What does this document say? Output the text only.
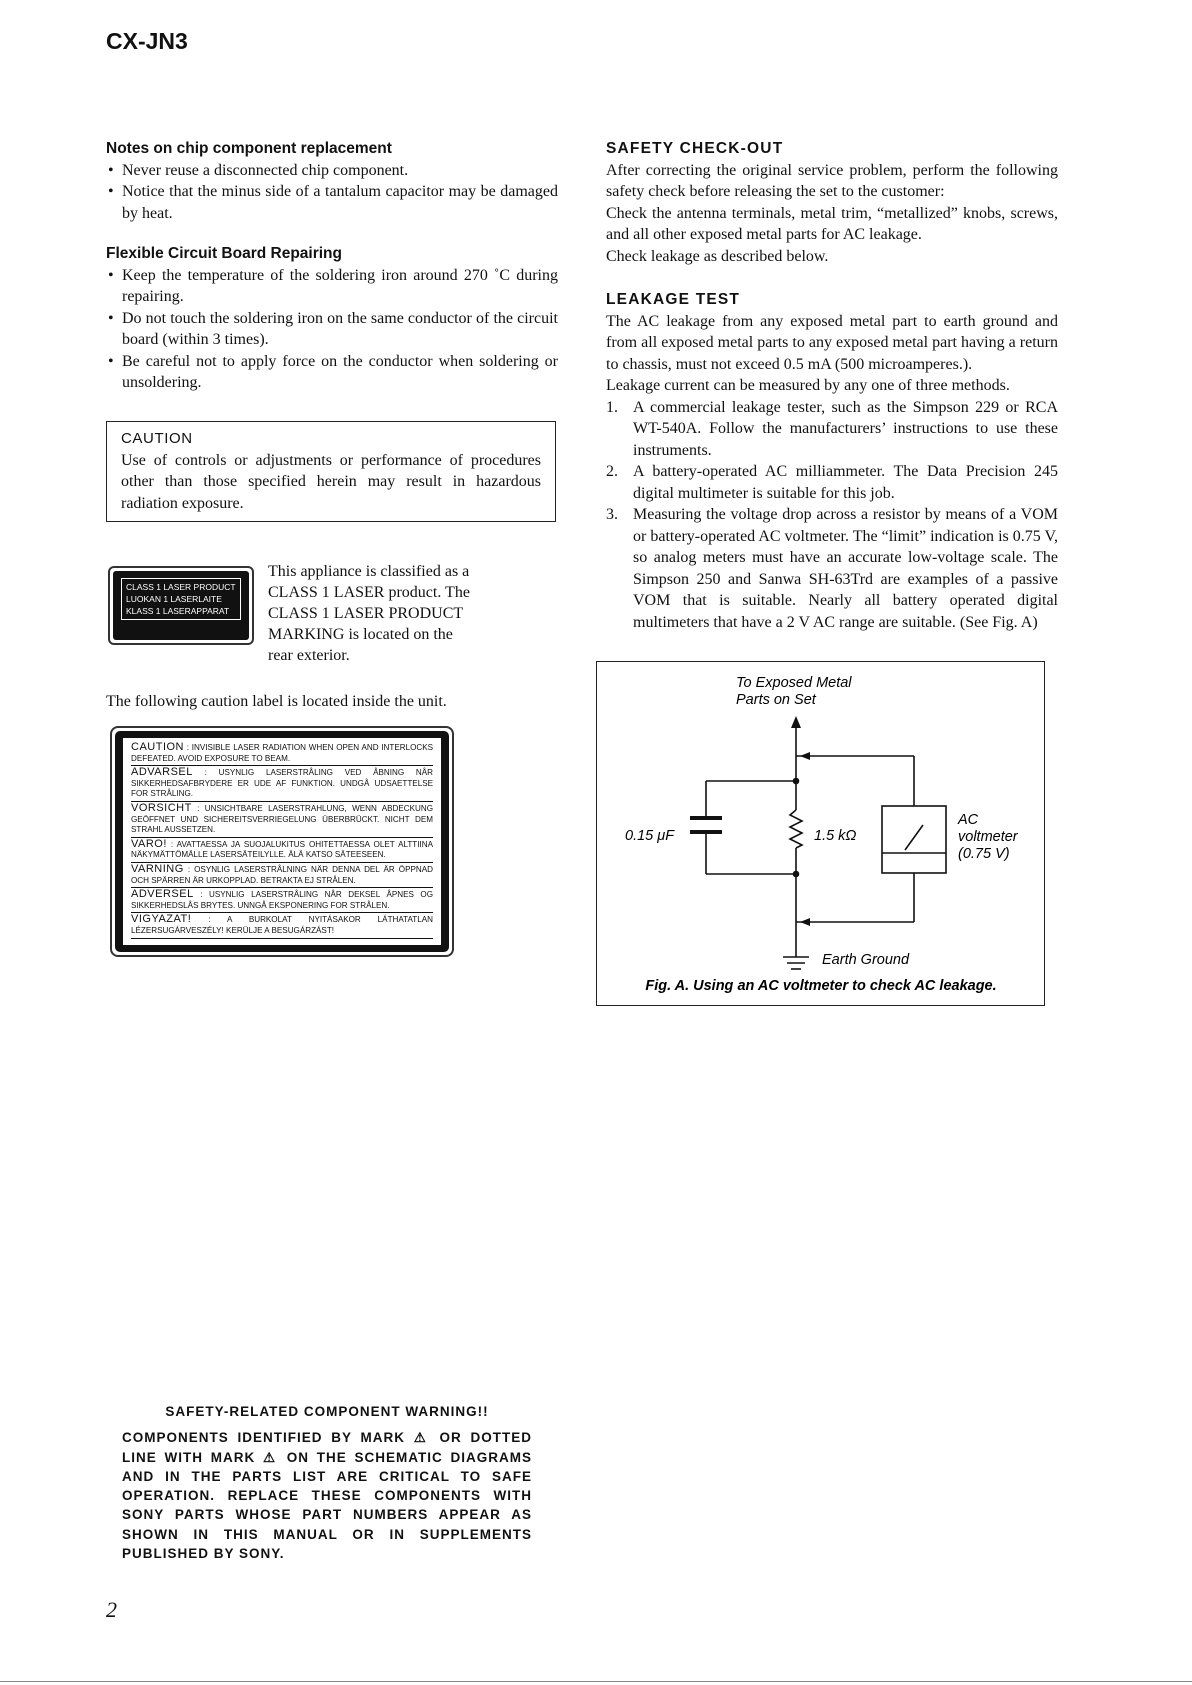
CX-JN3
Notes on chip component replacement
• Never reuse a disconnected chip component.
• Notice that the minus side of a tantalum capacitor may be damaged by heat.
Flexible Circuit Board Repairing
• Keep the temperature of the soldering iron around 270 ˚C during repairing.
• Do not touch the soldering iron on the same conductor of the circuit board (within 3 times).
• Be careful not to apply force on the conductor when soldering or unsoldering.
CAUTION

Use of controls or adjustments or performance of procedures other than those specified herein may result in hazardous radiation exposure.

CLASS 1 LASER PRODUCT
LUOKAN 1 LASERLAITE
KLASS 1 LASERAPPARAT
This appliance is classified as a CLASS 1 LASER product. The CLASS 1 LASER PRODUCT MARKING is located on the rear exterior.
The following caution label is located inside the unit.
CAUTION : INVISIBLE LASER RADIATION WHEN OPEN AND INTERLOCKS DEFEATED. AVOID EXPOSURE TO BEAM.
ADVARSEL : USYNLIG LASERSTRÅLING VED ÅBNING NÅR SIKKERHEDSAFBRYDERE ER UDE AF FUNKTION. UNDGÅ UDSAETTELSE FOR STRÅLING.
VORSICHT : UNSICHTBARE LASERSTRAHLUNG, WENN ABDECKUNG GEÖFFNET UND SICHEREITSVERRIEGELUNG ÜBERBRÜCKT. NICHT DEM STRAHL AUSSETZEN.
VARO! : AVATTAESSA JA SUOJALUKITUS OHITETTAESSA OLET ALTTIINA NÄKYMÄTTÖMÄLLE LASERSÄTEILYLLE. ÄLÄ KATSO SÄTEESEEN.
VARNING : OSYNLIG LASERSTRÅLNING NÄR DENNA DEL ÄR ÖPPNAD OCH SPÄRREN ÄR URKOPPLAD. BETRAKTA EJ STRÅLEN.
ADVERSEL : USYNLIG LASERSTRÅLING NÅR DEKSEL ÅPNES OG SIKKERHEDSLÅS BRYTES. UNNGÅ EKSPONERING FOR STRÅLEN.
VIGYAZAT! : A BURKOLAT NYITÁSAKOR LÁTHATATLAN LÉZERSUGÁRVESZÉLY! KERÜLJE A BESUGÁRZÁST!
SAFETY CHECK-OUT

After correcting the original service problem, perform the following safety check before releasing the set to the customer:

Check the antenna terminals, metal trim, “metallized” knobs, screws, and all other exposed metal parts for AC leakage.

Check leakage as described below.

LEAKAGE TEST

The AC leakage from any exposed metal part to earth ground and from all exposed metal parts to any exposed metal part having a return to chassis, must not exceed 0.5 mA (500 microamperes.).

Leakage current can be measured by any one of three methods.

1. A commercial leakage tester, such as the Simpson 229 or RCA WT-540A. Follow the manufacturers’ instructions to use these instruments.
2. A battery-operated AC milliammeter. The Data Precision 245 digital multimeter is suitable for this job.
3. Measuring the voltage drop across a resistor by means of a VOM or battery-operated AC voltmeter. The “limit” indication is 0.75 V, so analog meters must have an accurate low-voltage scale. The Simpson 250 and Sanwa SH-63Trd are examples of a passive VOM that is suitable. Nearly all battery operated digital multimeters that have a 2 V AC range are suitable. (See Fig. A)
To Exposed Metal
Parts on Set
0.15 μF	1.5 kΩ
AC
voltmeter
(0.75 V)
Earth Ground
Fig. A. Using an AC voltmeter to check AC leakage.
SAFETY-RELATED COMPONENT WARNING!!
COMPONENTS IDENTIFIED BY MARK ⚠ OR DOTTED LINE WITH MARK ⚠ ON THE SCHEMATIC DIAGRAMS AND IN THE PARTS LIST ARE CRITICAL TO SAFE OPERATION. REPLACE THESE COMPONENTS WITH SONY PARTS WHOSE PART NUMBERS APPEAR AS SHOWN IN THIS MANUAL OR IN SUPPLEMENTS PUBLISHED BY SONY.
2
